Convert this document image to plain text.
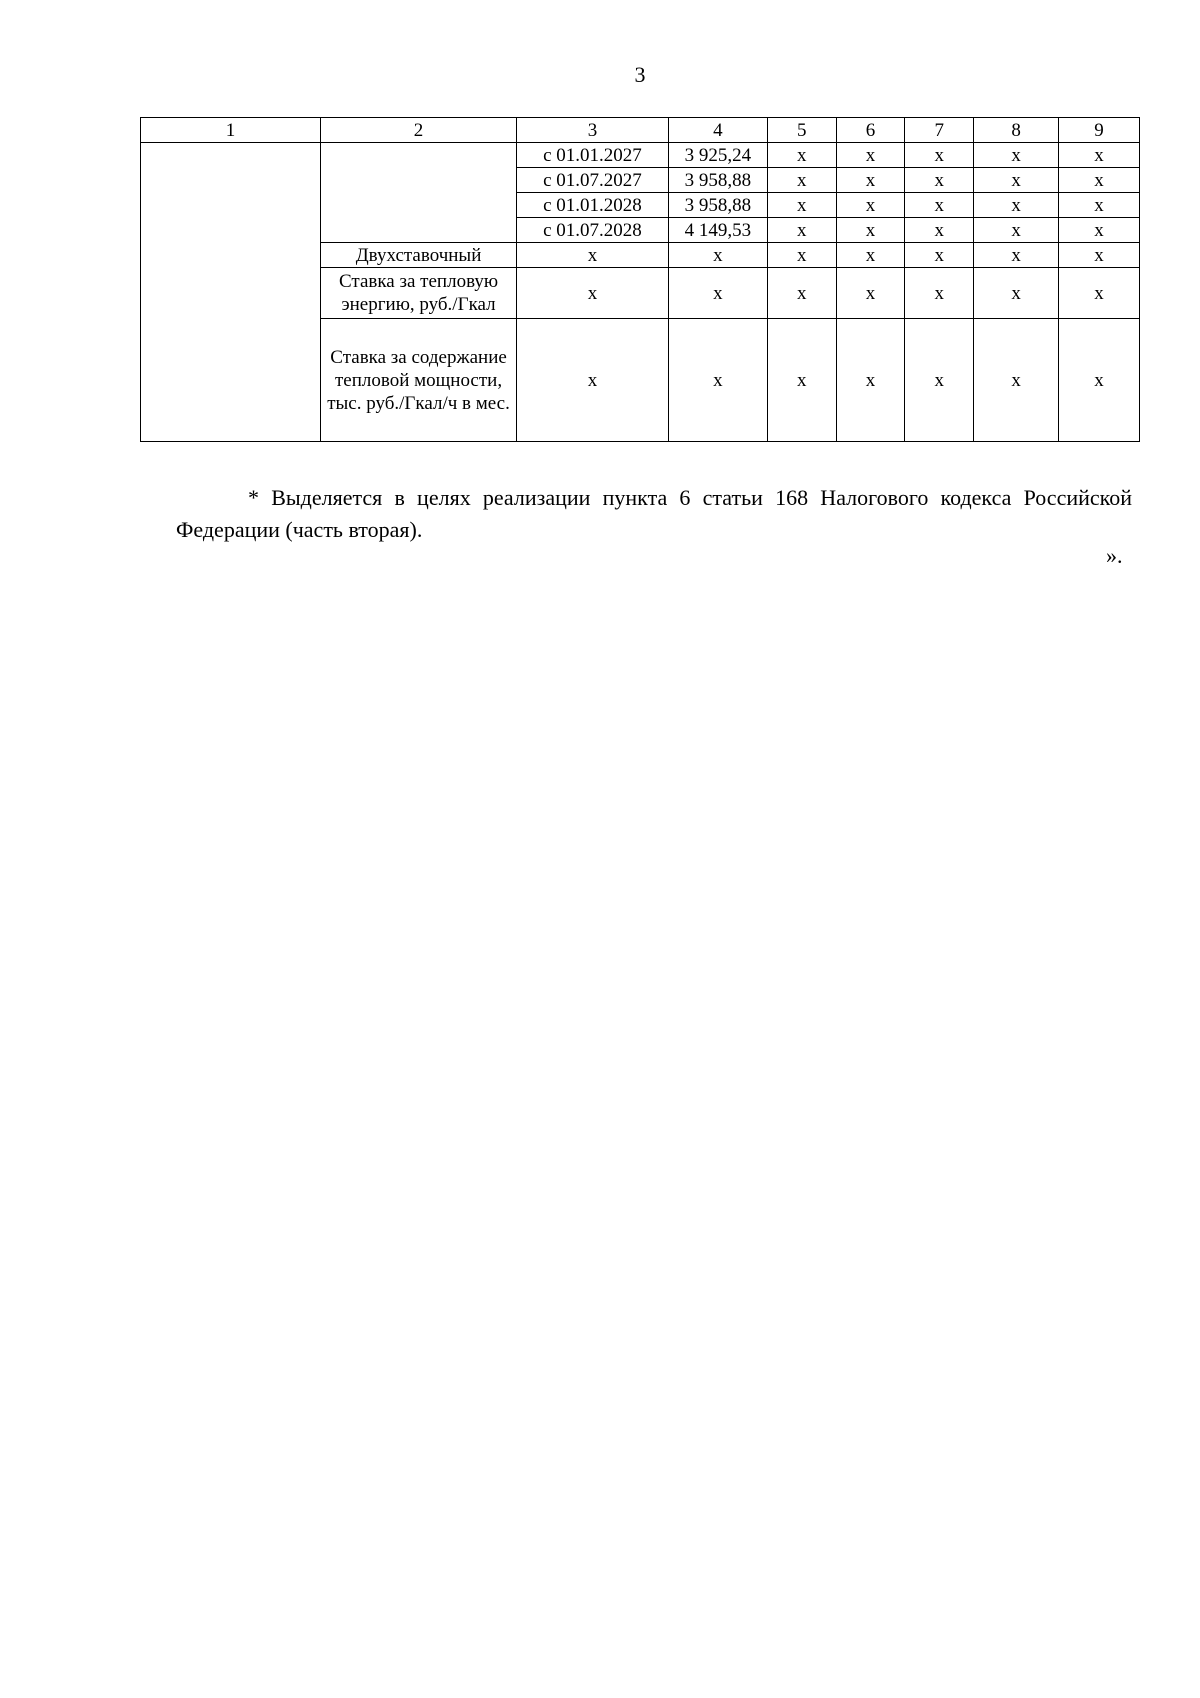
3
1	2	3	4	5	6	7	8	9
		с 01.01.2027	3 925,24	x	x	x	x	x
		с 01.07.2027	3 958,88	x	x	x	x	x
		с 01.01.2028	3 958,88	x	x	x	x	x
		с 01.07.2028	4 149,53	x	x	x	x	x
	Двухставочный	x	x	x	x	x	x	x
	Ставка за тепловую энергию, руб./Гкал	x	x	x	x	x	x	x
	Ставка за содержание тепловой мощности, тыс. руб./Гкал/ч в мес.	x	x	x	x	x	x	x
* Выделяется в целях реализации пункта 6 статьи 168 Налогового кодекса Российской
Федерации (часть вторая).
».
